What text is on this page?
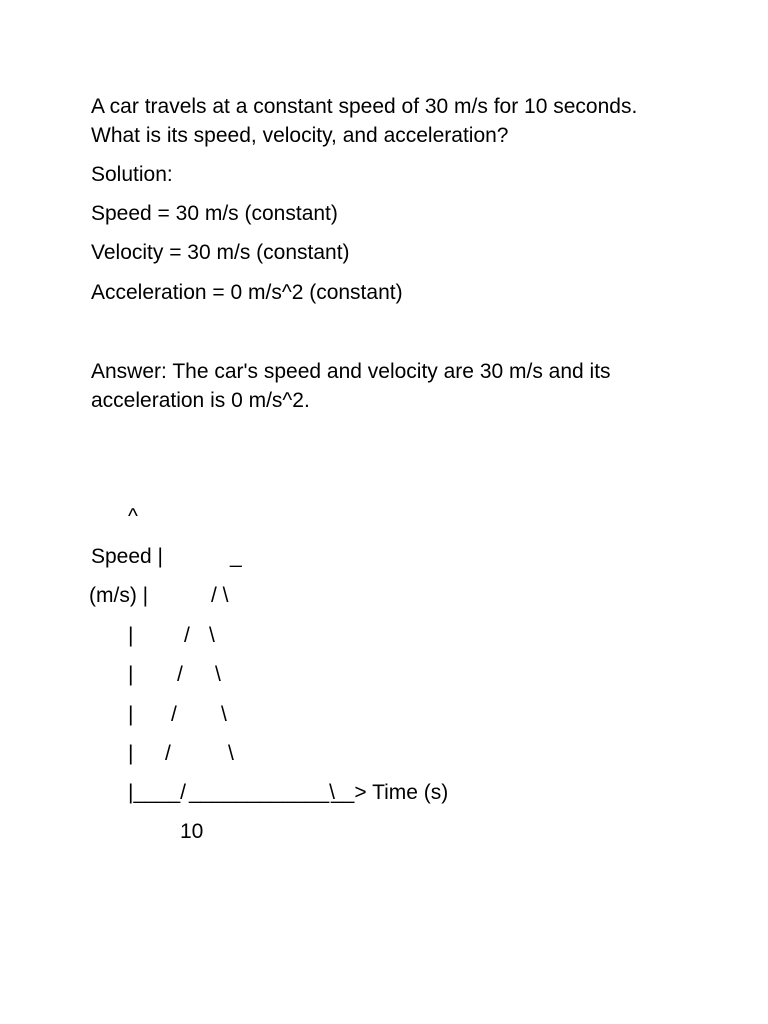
A car travels at a constant speed of 30 m/s for 10 seconds. What is its speed, velocity, and acceleration?

Solution:

Speed = 30 m/s (constant)

Velocity = 30 m/s (constant)

Acceleration = 0 m/s^2 (constant)

Answer: The car's speed and velocity are 30 m/s and its acceleration is 0 m/s^2.

^
Speed |	_
(m/s) |	/ \
| / \
| / \
| / \
| /	\
|____/ ____________\
__> Time (s)
10
